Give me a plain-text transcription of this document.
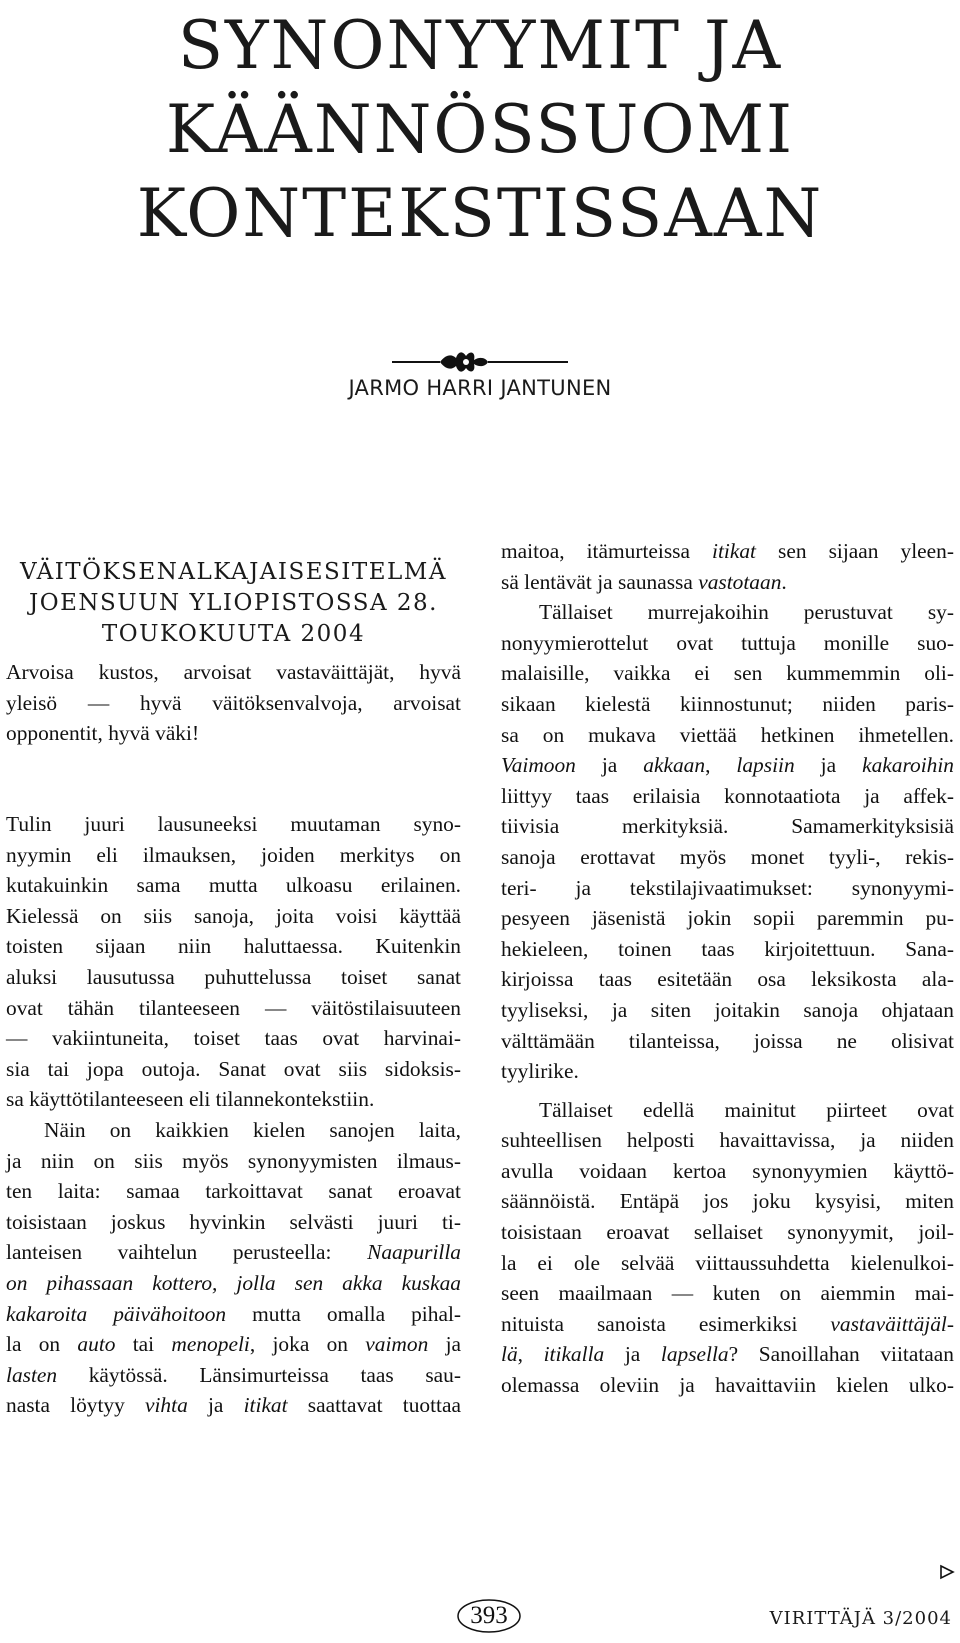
SYNONYYMIT JA
KÄÄNNÖSSUOMI
KONTEKSTISSAAN
JARMO HARRI JANTUNEN
VÄITÖKSENALKAJAISESITELMÄ
JOENSUUN YLIOPISTOSSA 28.
TOUKOKUUTA 2004

Arvoisa kustos, arvoisat vastaväittäjät, hyvä
yleisö — hyvä väitöksenvalvoja, arvoisat
opponentit, hyvä väki!

Tulin juuri lausuneeksi muutaman syno-
nyymin eli ilmauksen, joiden merkitys on
kutakuinkin sama mutta ulkoasu erilainen.
Kielessä on siis sanoja, joita voisi käyttää
toisten sijaan niin haluttaessa. Kuitenkin
aluksi lausutussa puhuttelussa toiset sanat
ovat tähän tilanteeseen — väitöstilaisuuteen
— vakiintuneita, toiset taas ovat harvinai-
sia tai jopa outoja. Sanat ovat siis sidoksis-
sa käyttötilanteeseen eli tilannekontekstiin.

Näin on kaikkien kielen sanojen laita,
ja niin on siis myös synonyymisten ilmaus-
ten laita: samaa tarkoittavat sanat eroavat
toisistaan joskus hyvinkin selvästi juuri ti-
lanteisen vaihtelun perusteella: Naapurilla
on pihassaan kottero, jolla sen akka kuskaa
kakaroita päivähoitoon mutta omalla pihal-
la on auto tai menopeli, joka on vaimon ja
lasten käytössä. Länsimurteissa taas sau-
nasta löytyy vihta ja itikat saattavat tuottaa

maitoa, itämurteissa itikat sen sijaan yleen-
sä lentävät ja saunassa vastotaan.

Tällaiset murrejakoihin perustuvat sy-
nonyymierottelut ovat tuttuja monille suo-
malaisille, vaikka ei sen kummemmin oli-
sikaan kielestä kiinnostunut; niiden paris-
sa on mukava viettää hetkinen ihmetellen.
Vaimoon ja akkaan, lapsiin ja kakaroihin
liittyy taas erilaisia konnotaatiota ja affek-
tiivisia merkityksiä. Samamerkityksisiä
sanoja erottavat myös monet tyyli-, rekis-
teri- ja tekstilajivaatimukset: synonyymi-
pesyeen jäsenistä jokin sopii paremmin pu-
hekieleen, toinen taas kirjoitettuun. Sana-
kirjoissa taas esitetään osa leksikosta ala-
tyyliseksi, ja siten joitakin sanoja ohjataan
välttämään tilanteissa, joissa ne olisivat
tyylirike.

Tällaiset edellä mainitut piirteet ovat
suhteellisen helposti havaittavissa, ja niiden
avulla voidaan kertoa synonyymien käyttö-
säännöistä. Entäpä jos joku kysyisi, miten
toisistaan eroavat sellaiset synonyymit, joil-
la ei ole selvää viittaussuhdetta kielenulkoi-
seen maailmaan — kuten on aiemmin mai-
nituista sanoista esimerkiksi vastaväittäjäl-
lä, itikalla ja lapsella? Sanoillahan viitataan
olemassa oleviin ja havaittaviin kielen ulko-

393	VIRITTÄJÄ 3/2004
